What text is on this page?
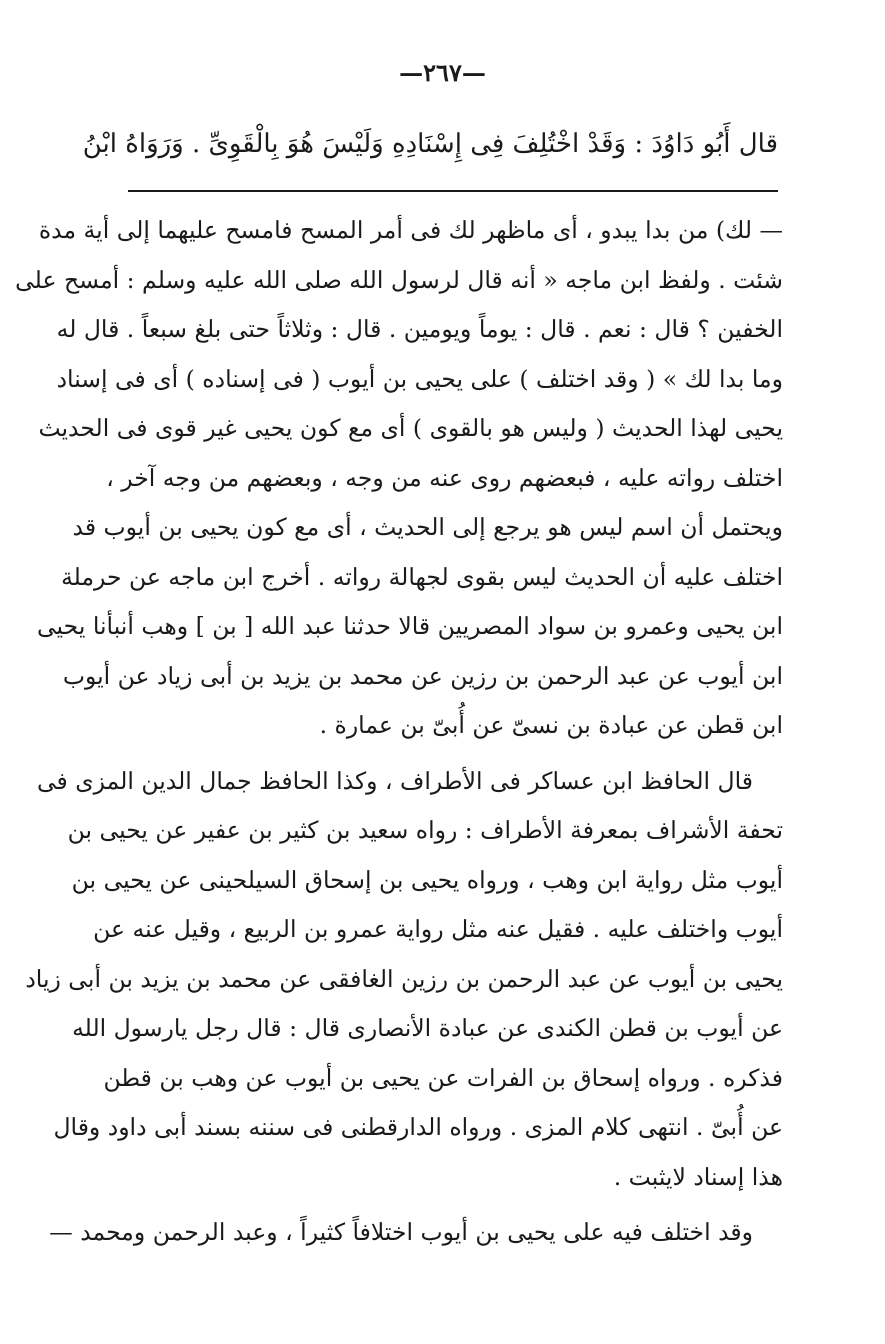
—٢٦٧—
قال أَبُو دَاوُدَ : وَقَدْ اخْتُلِفَ فِى إِسْنَادِهِ وَلَيْسَ هُوَ بِالْقَوِىِّ . وَرَوَاهُ ابْنُ
— لك) من بدا يبدو ، أى ماظهر لك فى أمر المسح فامسح عليهما إلى أية مدة
شئت . ولفظ ابن ماجه « أنه قال لرسول الله صلى الله عليه وسلم : أمسح على
الخفين ؟ قال : نعم . قال : يوماً ويومين . قال : وثلاثاً حتى بلغ سبعاً . قال له
وما بدا لك » ( وقد اختلف ) على يحيى بن أيوب ( فى إسناده ) أى فى إسناد
يحيى لهذا الحديث ( وليس هو بالقوى ) أى مع كون يحيى غير قوى فى الحديث
اختلف رواته عليه ، فبعضهم روى عنه من وجه ، وبعضهم من وجه آخر ،
ويحتمل أن اسم ليس هو يرجع إلى الحديث ، أى مع كون يحيى بن أيوب قد
اختلف عليه أن الحديث ليس بقوى لجهالة رواته . أخرج ابن ماجه عن حرملة
ابن يحيى وعمرو بن سواد المصريين قالا حدثنا عبد الله [ بن ] وهب أنبأنا يحيى
ابن أيوب عن عبد الرحمن بن رزين عن محمد بن يزيد بن أبى زياد عن أيوب
ابن قطن عن عبادة بن نسىّ عن أُبىّ بن عمارة .
قال الحافظ ابن عساكر فى الأطراف ، وكذا الحافظ جمال الدين المزى فى
تحفة الأشراف بمعرفة الأطراف : رواه سعيد بن كثير بن عفير عن يحيى بن
أيوب مثل رواية ابن وهب ، ورواه يحيى بن إسحاق السيلحينى عن يحيى بن
أيوب واختلف عليه . فقيل عنه مثل رواية عمرو بن الربيع ، وقيل عنه عن
يحيى بن أيوب عن عبد الرحمن بن رزين الغافقى عن محمد بن يزيد بن أبى زياد
عن أيوب بن قطن الكندى عن عبادة الأنصارى قال : قال رجل يارسول الله
فذكره . ورواه إسحاق بن الفرات عن يحيى بن أيوب عن وهب بن قطن
عن أُبىّ . انتهى كلام المزى . ورواه الدارقطنى فى سننه بسند أبى داود وقال
هذا إسناد لايثبت .
وقد اختلف فيه على يحيى بن أيوب اختلافاً كثيراً ، وعبد الرحمن ومحمد —
